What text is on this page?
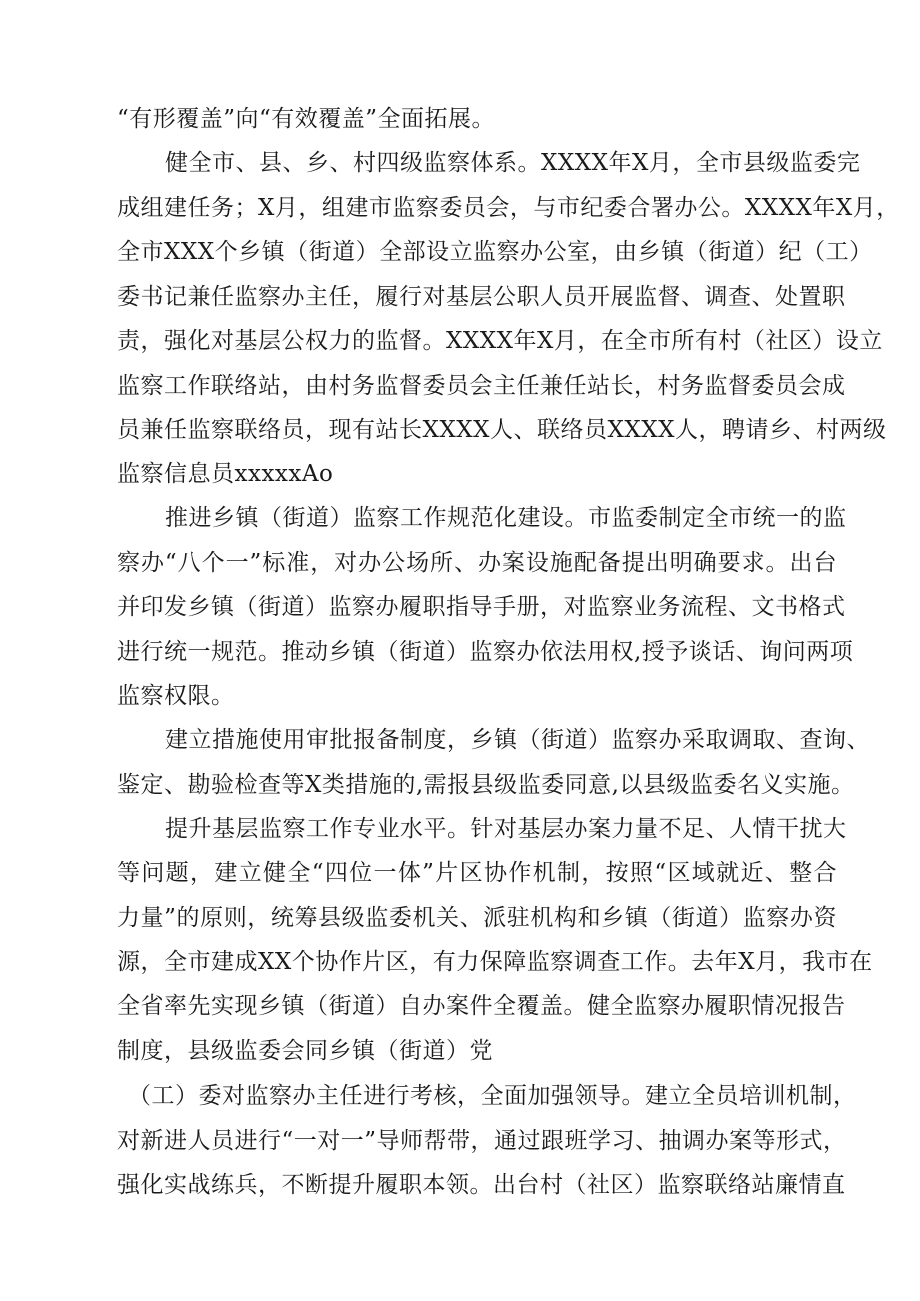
“有形覆盖”向“有效覆盖”全面拓展。
健全市、县、乡、村四级监察体系。XXXX年X月，全市县级监委完
成组建任务；X月，组建市监察委员会，与市纪委合署办公。XXXX年X月，
全市XXX个乡镇（街道）全部设立监察办公室，由乡镇（街道）纪（工）
委书记兼任监察办主任，履行对基层公职人员开展监督、调查、处置职
责，强化对基层公权力的监督。XXXX年X月，在全市所有村（社区）设立
监察工作联络站，由村务监督委员会主任兼任站长，村务监督委员会成
员兼任监察联络员，现有站长XXXX人、联络员XXXX人，聘请乡、村两级
监察信息员xxxxxAo
推进乡镇（街道）监察工作规范化建设。市监委制定全市统一的监
察办“八个一”标准，对办公场所、办案设施配备提出明确要求。出台
并印发乡镇（街道）监察办履职指导手册，对监察业务流程、文书格式
进行统一规范。推动乡镇（街道）监察办依法用权,授予谈话、询问两项
监察权限。
建立措施使用审批报备制度，乡镇（街道）监察办采取调取、查询、
鉴定、勘验检查等X类措施的,需报县级监委同意,以县级监委名义实施。
提升基层监察工作专业水平。针对基层办案力量不足、人情干扰大
等问题，建立健全“四位一体”片区协作机制，按照“区域就近、整合
力量”的原则，统筹县级监委机关、派驻机构和乡镇（街道）监察办资
源，全市建成XX个协作片区，有力保障监察调查工作。去年X月，我市在
全省率先实现乡镇（街道）自办案件全覆盖。健全监察办履职情况报告
制度，县级监委会同乡镇（街道）党
（工）委对监察办主任进行考核，全面加强领导。建立全员培训机制，
对新进人员进行“一对一”导师帮带，通过跟班学习、抽调办案等形式，
强化实战练兵，不断提升履职本领。出台村（社区）监察联络站廉情直
